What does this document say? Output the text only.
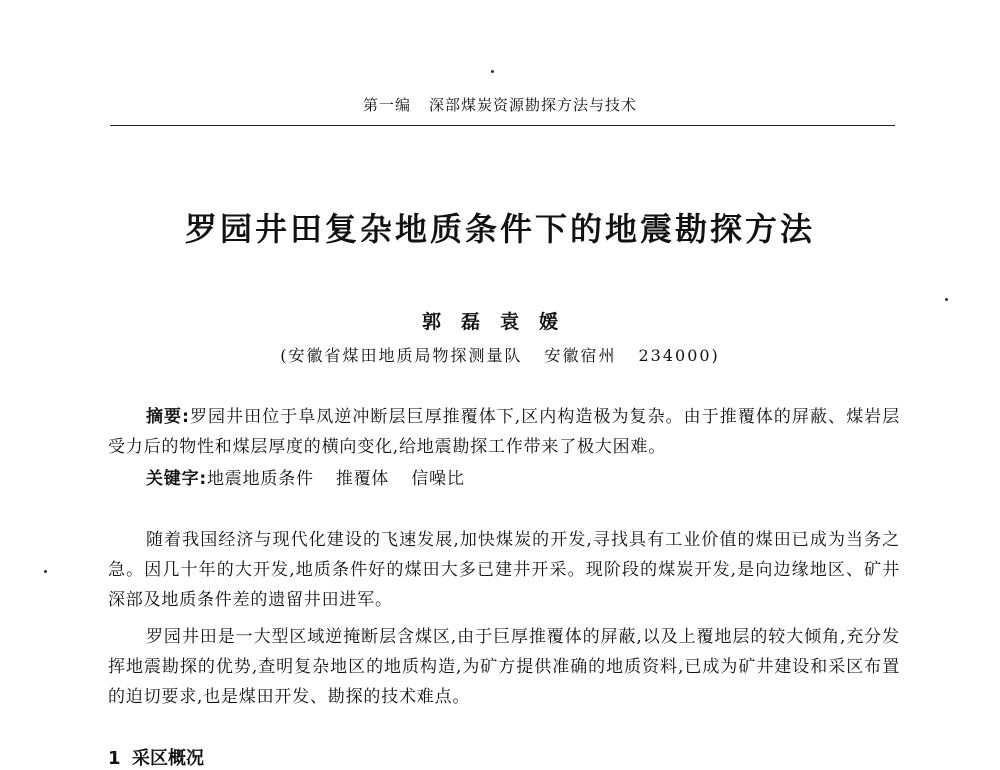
第一编 深部煤炭资源勘探方法与技术
罗园井田复杂地质条件下的地震勘探方法
郭磊袁媛
(安徽省煤田地质局物探测量队 安徽宿州 234000)
摘要:罗园井田位于阜凤逆冲断层巨厚推覆体下,区内构造极为复杂。由于推覆体的屏蔽、煤岩层受力后的物性和煤层厚度的横向变化,给地震勘探工作带来了极大困难。
关键字:地震地质条件 推覆体 信噪比
随着我国经济与现代化建设的飞速发展,加快煤炭的开发,寻找具有工业价值的煤田已成为当务之急。因几十年的大开发,地质条件好的煤田大多已建井开采。现阶段的煤炭开发,是向边缘地区、矿井深部及地质条件差的遗留井田进军。
罗园井田是一大型区域逆掩断层含煤区,由于巨厚推覆体的屏蔽,以及上覆地层的较大倾角,充分发挥地震勘探的优势,查明复杂地区的地质构造,为矿方提供准确的地质资料,已成为矿井建设和采区布置的迫切要求,也是煤田开发、勘探的技术难点。
1 采区概况
